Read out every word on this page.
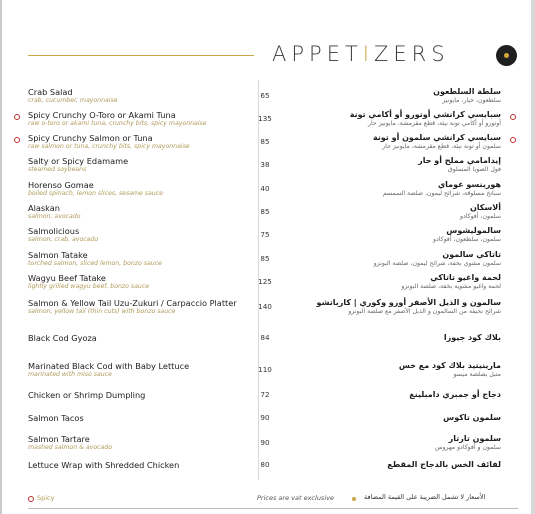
APPETIZERS
Crab Salad
crab, cucumber, mayonnaise
65	سلطة السلطعون
سلطعون، خيار، مايونيز
Spicy Crunchy O-Toro or Akami Tuna
raw o-toro or akami tuna, crunchy bits, spicy mayonnaise
135	سبايسي كرانشي أوتورو أو أكامي تونة
أوتورو أو أكامي تونة نيئة، قطع مقرمشة، مايونيز حار
Spicy Crunchy Salmon or Tuna
raw salmon or tuna, crunchy bits, spicy mayonnaise
85	سبايسي كرانشي سلمون أو تونة
سلمون أو تونة نيئة، قطع مقرمشة، مايونيز حار
Salty or Spicy Edamame
steamed soybeans
38	إيدامامي مملح أو حار
فول الصويا المسلوق
Horenso Gomae
boiled spinach, lemon slices, sesame sauce
40	هورينسو غوماي
سبانخ مسلوقة، شرائح ليمون، صلصة السمسم
Alaskan
salmon, avocado
85	ألاسكان
سلمون، أفوكادو
Salmolicious
salmon, crab, avocado
75	سالموليشوس
سلمون، سلطعون، أفوكادو
Salmon Tatake
torched salmon, sliced lemon, bonzo sauce
85	تاتاكي سالمون
سلمون مشوي بخفة، شرائح ليمون، صلصة البونزو
Wagyu Beef Tatake
lightly grilled wagyu beef, bonzo sauce
125	لحمة واغيو تاتاكي
لحمة واغيو مشوية بخفة، صلصة البونزو
Salmon & Yellow Tail Uzu-Zukuri / Carpaccio Platter
salmon, yellow tail (thin cuts) with bonzo sauce
140	سالمون و الذيل الأصفر أوزو وكوري | كارباتشو
شرائح نحيفة من السالمون و الذيل الأصفر مع صلصة البونزو
Black Cod Gyoza	84	بلاك كود جيوزا
Marinated Black Cod with Baby Lettuce
marinated with miso sauce
110	مارينيتيد بلاك كود مع خس
متبل بصلصة ميسو
Chicken or Shrimp Dumpling	72	دجاج أو جمبري دامبلينغ
Salmon Tacos	90	سلمون تاكوس
Salmon Tartare
mashed salmon & avocado
90	سلمون تارتار
سلمون و أفوكادو مهروس
Lettuce Wrap with Shredded Chicken	80	لفائف الخس بالدجاج المقطع
Spicy	Prices are vat exclusive	الأسعار لا تشمل الضريبة على القيمة المضافة
